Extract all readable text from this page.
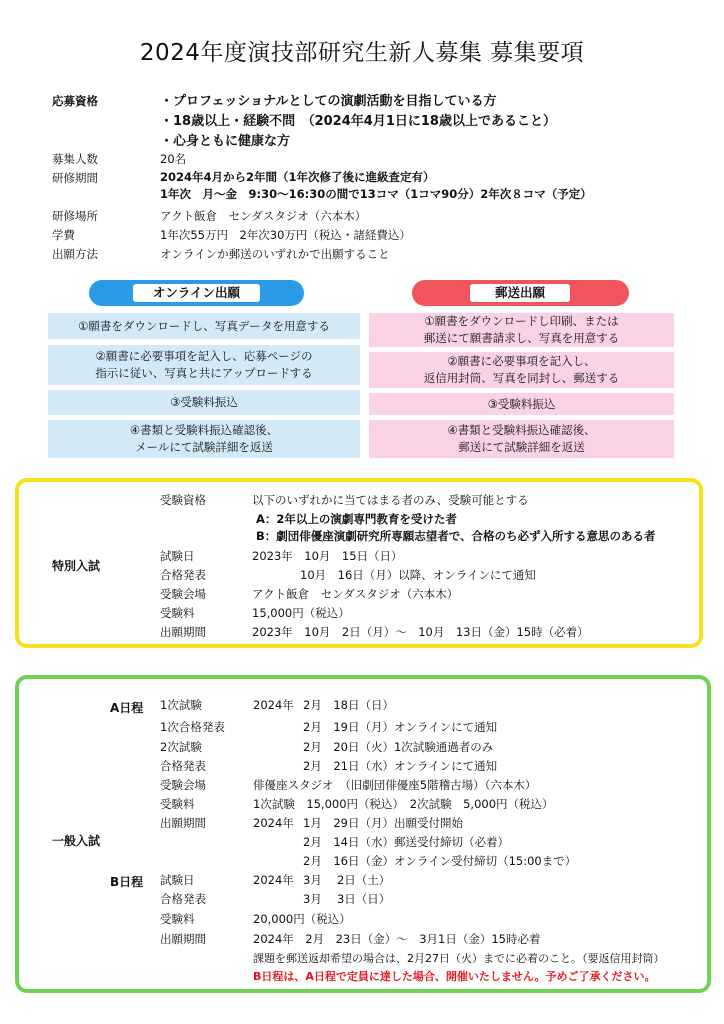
2024年度演技部研究生新人募集 募集要項
応募資格	・プロフェッショナルとしての演劇活動を目指している方
・18歳以上・経験不問　（2024年4月1日に18歳以上であること）
・心身ともに健康な方
募集人数	20名
研修期間	2024年4月から2年間（1年次修了後に進級査定有）
1年次　月～金　9:30～16:30の間で13コマ（1コマ90分）2年次８コマ（予定）
研修場所	アクト飯倉　センダスタジオ（六本木）
学費	1年次55万円　2年次30万円（税込・諸経費込）
出願方法	オンラインか郵送のいずれかで出願すること
オンライン出願
①願書をダウンロードし、写真データを用意する
②願書に必要事項を記入し、応募ページの
指示に従い、写真と共にアップロードする
③受験料振込
④書類と受験料振込確認後、
メールにて試験詳細を返送
郵送出願
①願書をダウンロードし印刷、または
郵送にて願書請求し、写真を用意する
②願書に必要事項を記入し、
返信用封筒、写真を同封し、郵送する
③受験料振込
④書類と受験料振込確認後、
郵送にて試験詳細を返送
特別入試
受験資格	以下のいずれかに当てはまる者のみ、受験可能とする
A：2年以上の演劇専門教育を受けた者
B：劇団俳優座演劇研究所専願志望者で、合格のち必ず入所する意思のある者
試験日	2023年　10月　15日（日）
合格発表	10月　16日（月）以降、オンラインにて通知
受験会場	アクト飯倉　センダスタジオ（六本木）
受験料	15,000円（税込）
出願期間	2023年　10月　2日（月）～　10月　13日（金）15時（必着）
一般入試
A日程 1次試験	2024年 2月　18日（日）
1次合格発表	2月　19日（月）オンラインにて通知
2次試験	2月　20日（火）1次試験通過者のみ
合格発表	2月　21日（水）オンラインにて通知
受験会場	俳優座スタジオ　（旧劇団俳優座5階稽古場）（六本木）
受験料	1次試験　15,000円（税込）　2次試験　5,000円（税込）
出願期間	2024年 1月　29日（月）出願受付開始
2月　14日（水）郵送受付締切（必着）
2月　16日（金）オンライン受付締切（15:00まで）
B日程 試験日	2024年 3月　 2日（土）
合格発表	3月　 3日（日）
受験料	20,000円（税込）
出願期間	2024年　2月　23日（金）～　3月1日（金）15時必着
課題を郵送返却希望の場合は、2月27日（火）までに必着のこと。（要返信用封筒）
B日程は、A日程で定員に達した場合、開催いたしません。予めご了承ください。
